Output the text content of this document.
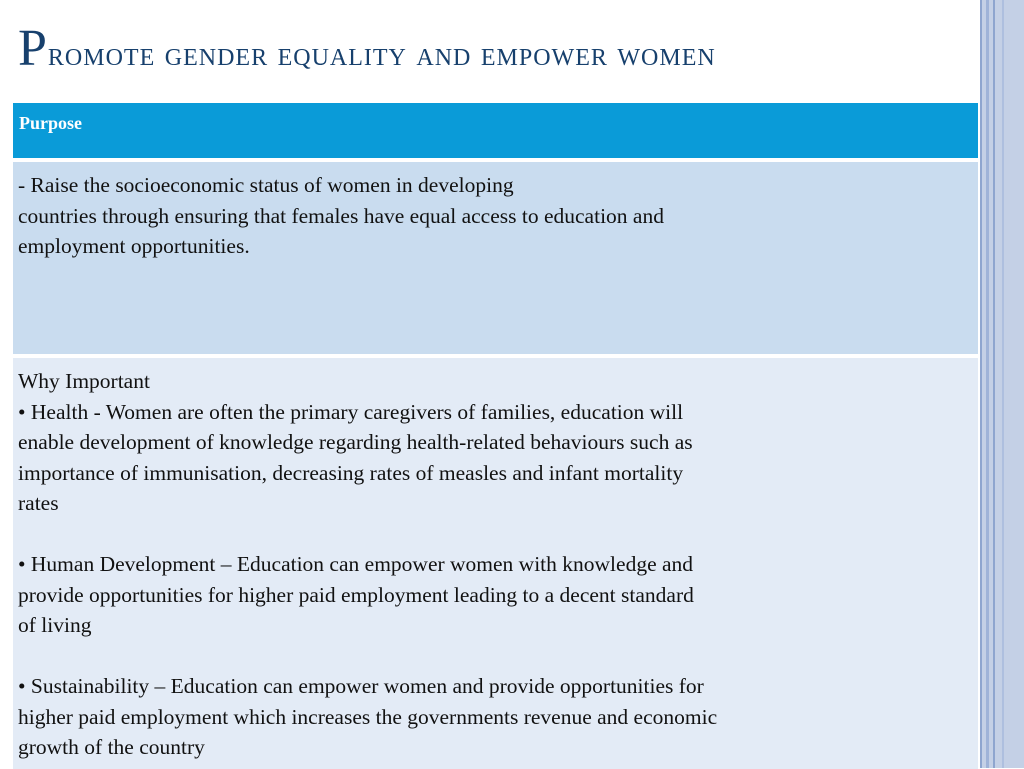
Promote gender equality and empower women
Purpose
- Raise the socioeconomic status of women in developing
countries through ensuring that females have equal access to education and
employment opportunities.
Why Important
• Health - Women are often the primary caregivers of families, education will
enable development of knowledge regarding health-related behaviours such as
importance of immunisation, decreasing rates of measles and infant mortality
rates
• Human Development – Education can empower women with knowledge and
provide opportunities for higher paid employment leading to a decent standard
of living
• Sustainability – Education can empower women and provide opportunities for
higher paid employment which increases the governments revenue and economic
growth of the country
